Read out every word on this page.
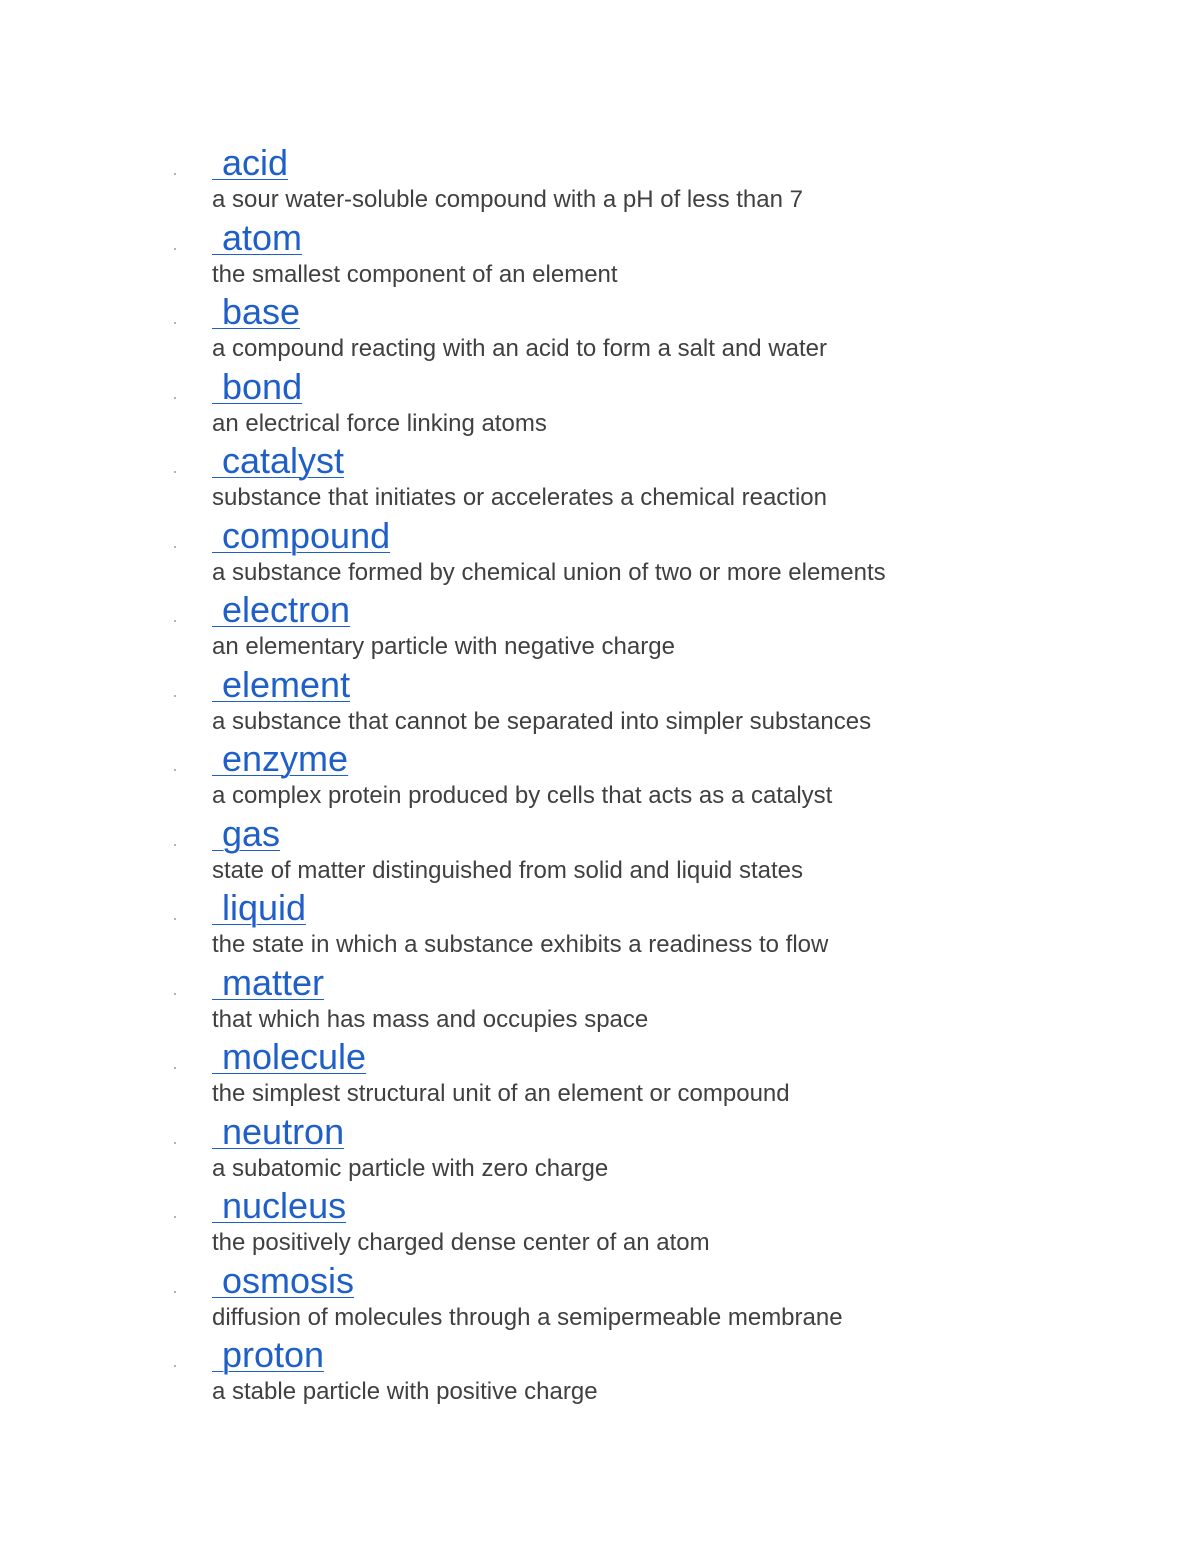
acid
a sour water-soluble compound with a pH of less than 7
atom
the smallest component of an element
base
a compound reacting with an acid to form a salt and water
bond
an electrical force linking atoms
catalyst
substance that initiates or accelerates a chemical reaction
compound
a substance formed by chemical union of two or more elements
electron
an elementary particle with negative charge
element
a substance that cannot be separated into simpler substances
enzyme
a complex protein produced by cells that acts as a catalyst
gas
state of matter distinguished from solid and liquid states
liquid
the state in which a substance exhibits a readiness to flow
matter
that which has mass and occupies space
molecule
the simplest structural unit of an element or compound
neutron
a subatomic particle with zero charge
nucleus
the positively charged dense center of an atom
osmosis
diffusion of molecules through a semipermeable membrane
proton
a stable particle with positive charge
